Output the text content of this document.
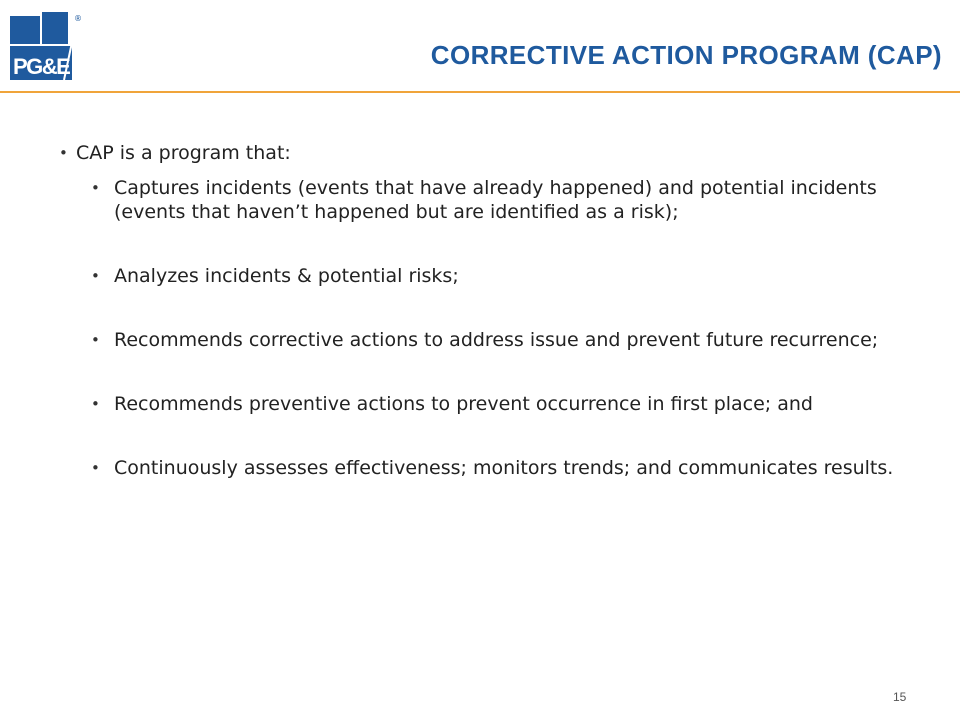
PG&E
®
CORRECTIVE ACTION PROGRAM (CAP)
• CAP is a program that:
• Captures incidents (events that have already happened) and potential incidents (events that haven’t happened but are identified as a risk);
• Analyzes incidents & potential risks;
• Recommends corrective actions to address issue and prevent future recurrence;
• Recommends preventive actions to prevent occurrence in first place; and
• Continuously assesses effectiveness; monitors trends; and communicates results.
15
